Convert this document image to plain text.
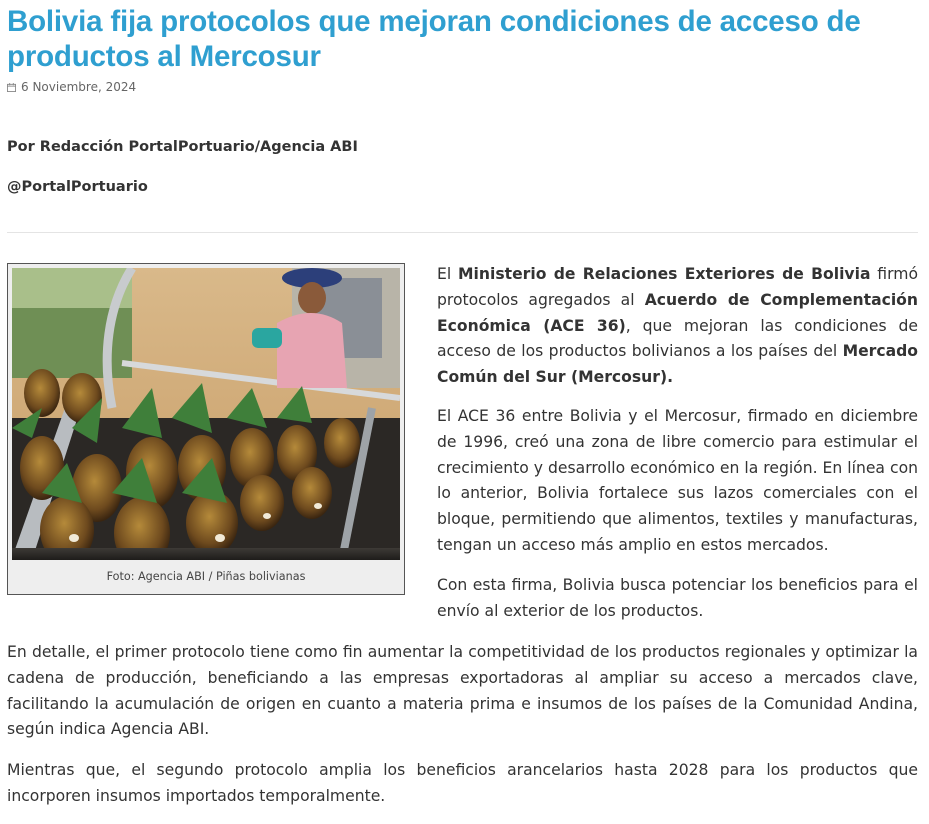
Bolivia fija protocolos que mejoran condiciones de acceso de productos al Mercosur
6 Noviembre, 2024

Por Redacción PortalPortuario/Agencia ABI

@PortalPortuario

Foto: Agencia ABI / Piñas bolivianas

El Ministerio de Relaciones Exteriores de Bolivia firmó protocolos agregados al Acuerdo de Complementación Económica (ACE 36), que mejoran las condiciones de acceso de los productos bolivianos a los países del Mercado Común del Sur (Mercosur).

El ACE 36 entre Bolivia y el Mercosur, firmado en diciembre de 1996, creó una zona de libre comercio para estimular el crecimiento y desarrollo económico en la región. En línea con lo anterior, Bolivia fortalece sus lazos comerciales con el bloque, permitiendo que alimentos, textiles y manufacturas, tengan un acceso más amplio en estos mercados.

Con esta firma, Bolivia busca potenciar los beneficios para el envío al exterior de los productos.

En detalle, el primer protocolo tiene como fin aumentar la competitividad de los productos regionales y optimizar la cadena de producción, beneficiando a las empresas exportadoras al ampliar su acceso a mercados clave, facilitando la acumulación de origen en cuanto a materia prima e insumos de los países de la Comunidad Andina, según indica Agencia ABI.

Mientras que, el segundo protocolo amplia los beneficios arancelarios hasta 2028 para los productos que incorporen insumos importados temporalmente.
